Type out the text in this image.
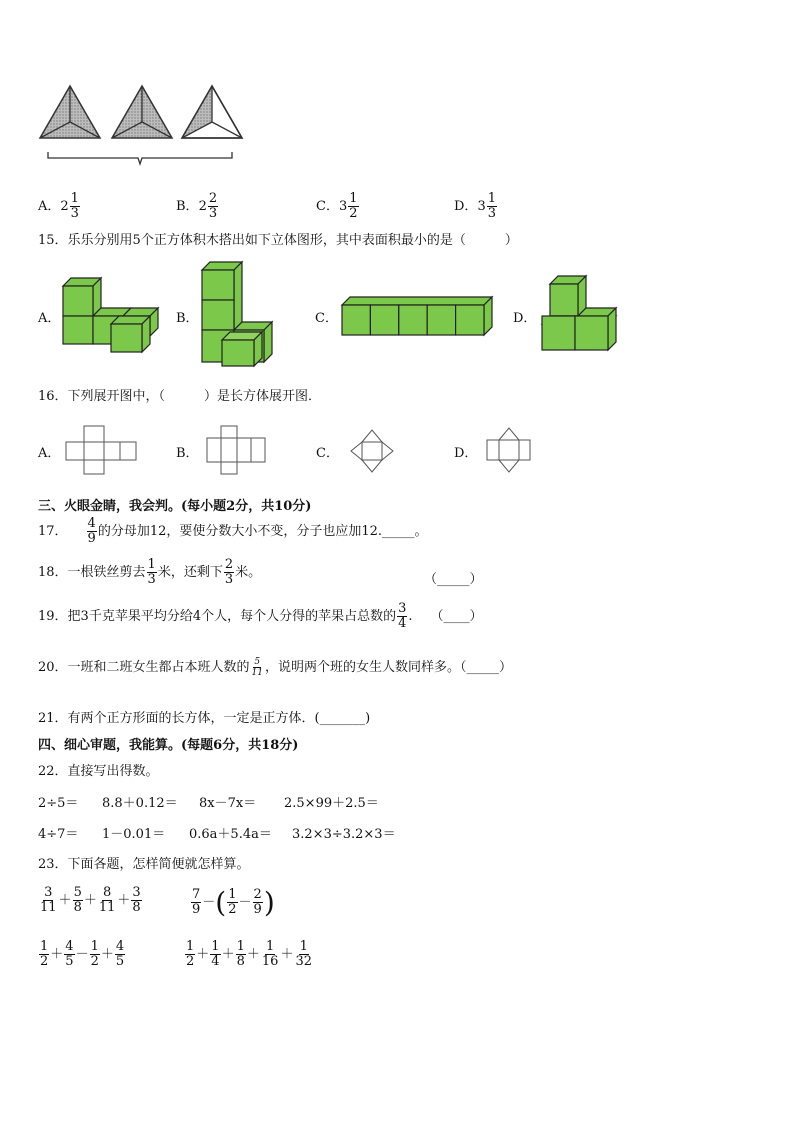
A．$2 \frac{1}{3}$	B．$2 \frac{2}{3}$	C．$3 \frac{1}{2}$	D．$3 \frac{1}{3}$
15．乐乐分别用5个正方体积木搭出如下立体图形，其中表面积最小的是（　　　）
A．	B．	C．	D．
16．下列展开图中，（　　　）是长方体展开图．
A．	B．	C．	D．
三、火眼金睛，我会判。(每小题2分，共10分)
17． $\frac{4}{9}$ 的分母加12，要使分数大小不变，分子也应加12._____。
18．一根铁丝剪去 $\frac{1}{3}$ 米，还剩下 $\frac{2}{3}$ 米。	（_____）
19．把3千克苹果平均分给4个人，每个人分得的苹果占总数的 $\frac{3}{4}$ . （____）
20．一班和二班女生都占本班人数的 $\frac{5}{11}$ ，说明两个班的女生人数同样多。（_____）
21．有两个正方形面的长方体，一定是正方体．(_______)
四、细心审题，我能算。(每题6分，共18分)
22．直接写出得数。
2÷5＝ 8.8＋0.12＝ 8x－7x＝ 2.5×99＋2.5＝
4÷7＝ 1－0.01＝ 0.6a＋5.4a＝ 3.2×3÷3.2×3＝
23．下面各题，怎样简便就怎样算。
$\frac{3}{11} + \frac{5}{8} + \frac{8}{11} + \frac{3}{8}$	$\frac{7}{9}$ －( $\frac{1}{2} - \frac{2}{9}$ )
$\frac{1}{2} + \frac{4}{5} - \frac{1}{2} + \frac{4}{5}$	$\frac{1}{2} + \frac{1}{4} + \frac{1}{8} + \frac{1}{16} + \frac{1}{32}$
